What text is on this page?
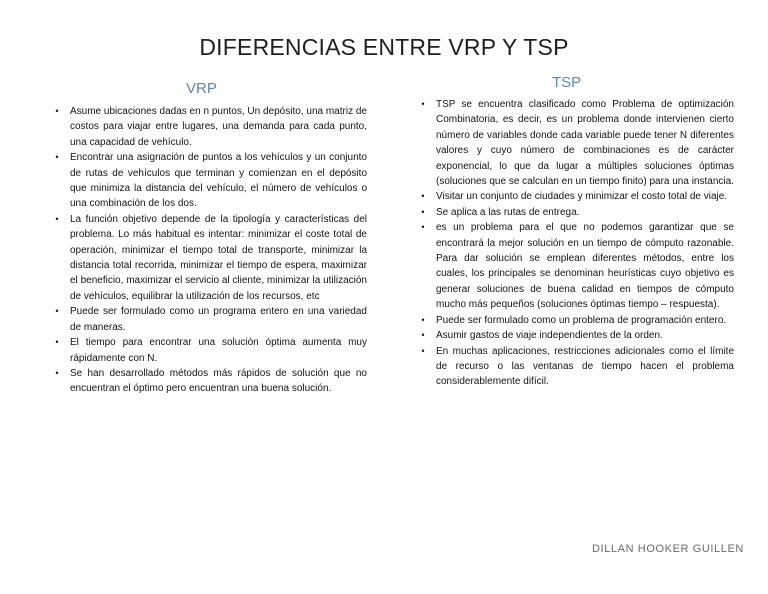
DIFERENCIAS ENTRE VRP Y TSP
VRP	TSP
•	Asume ubicaciones dadas en n puntos, Un depósito, una matriz de costos para viajar entre lugares, una demanda para cada punto, una capacidad de vehículo.
•	Encontrar una asignación de puntos a los vehículos y un conjunto de rutas de vehículos que terminan y comienzan en el depósito que minimiza la distancia del vehículo, el número de vehículos o una combinación de los dos.
•	La función objetivo depende de la tipología y características del problema. Lo más habitual es intentar: minimizar el coste total de operación, minimizar el tiempo total de transporte, minimizar la distancia total recorrida, minimizar el tiempo de espera, maximizar el beneficio, maximizar el servicio al cliente, minimizar la utilización de vehículos, equilibrar la utilización de los recursos, etc
•	Puede ser formulado como un programa entero en una variedad de maneras.
•	El tiempo para encontrar una solución óptima aumenta muy rápidamente con N.
•	Se han desarrollado métodos más rápidos de solución que no encuentran el óptimo pero encuentran una buena solución.
•	TSP se encuentra clasificado como Problema de optimización Combinatoria, es decir, es un problema donde intervienen cierto número de variables donde cada variable puede tener N diferentes valores y cuyo número de combinaciones es de carácter exponencial, lo que da lugar a múltiples soluciones óptimas (soluciones que se calculan en un tiempo finito) para una instancia.
•	Visitar un conjunto de ciudades y minimizar el costo total de viaje.
•	Se aplica a las rutas de entrega.
•	es un problema para el que no podemos garantizar que se encontrará la mejor solución en un tiempo de cómputo razonable. Para dar solución se emplean diferentes métodos, entre los cuales, los principales se denominan heurísticas cuyo objetivo es generar soluciones de buena calidad en tiempos de cómputo mucho más pequeños (soluciones óptimas tiempo – respuesta).
•	Puede ser formulado como un problema de programación entero.
•	Asumir gastos de viaje independientes de la orden.
•	En muchas aplicaciones, restricciones adicionales como el límite de recurso o las ventanas de tiempo hacen el problema considerablemente difícil.
DILLAN HOOKER GUILLEN
